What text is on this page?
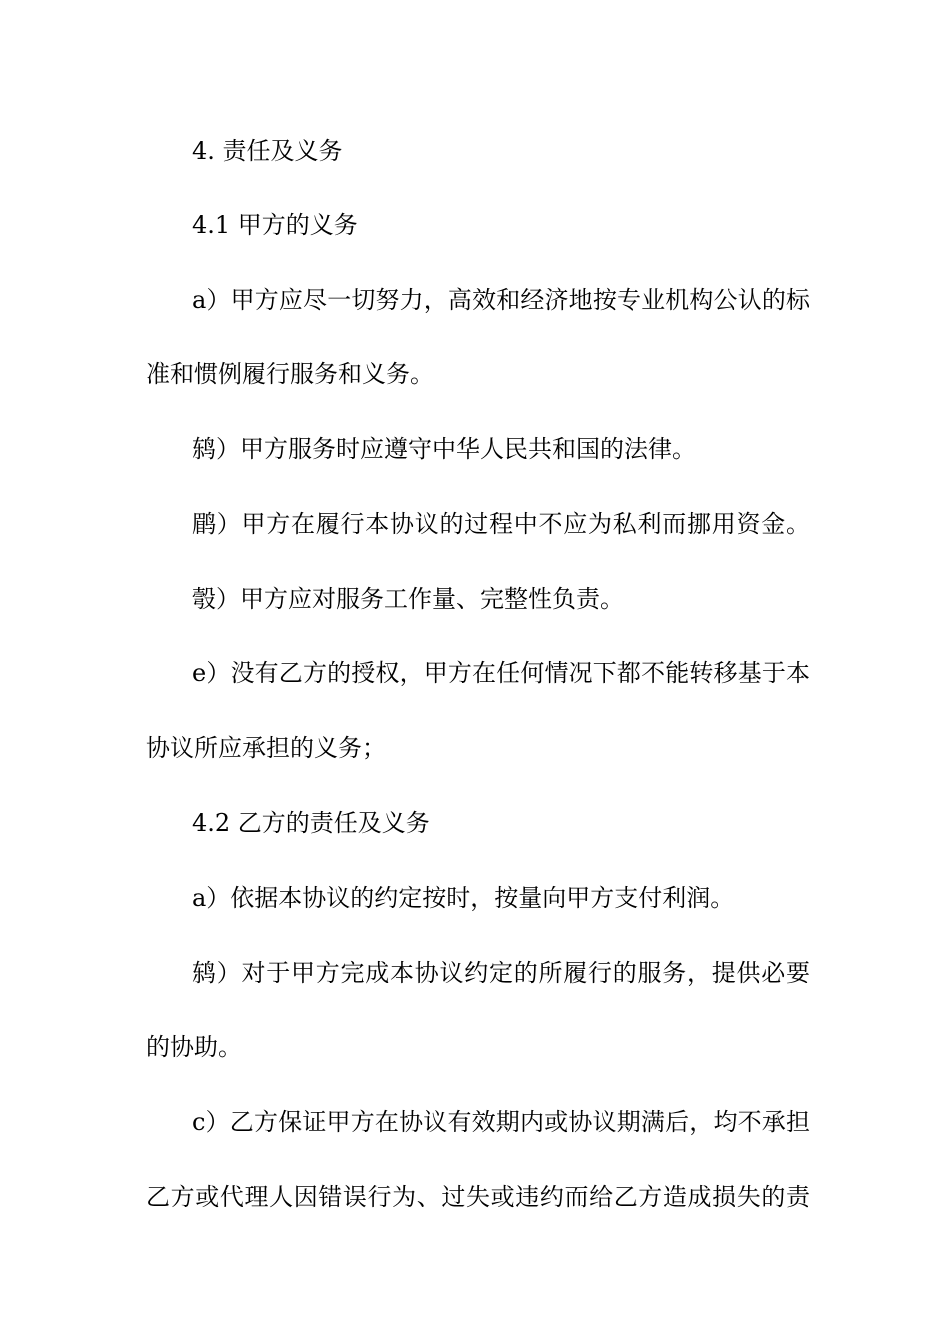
4. 责任及义务
4.1 甲方的义务
a）甲方应尽一切努力，高效和经济地按专业机构公认的标
准和惯例履行服务和义务。
鸫）甲方服务时应遵守中华人民共和国的法律。
鹛）甲方在履行本协议的过程中不应为私利而挪用资金。
彀）甲方应对服务工作量、完整性负责。
e）没有乙方的授权，甲方在任何情况下都不能转移基于本
协议所应承担的义务；
4.2 乙方的责任及义务
a）依据本协议的约定按时，按量向甲方支付利润。
鸫）对于甲方完成本协议约定的所履行的服务，提供必要
的协助。
c）乙方保证甲方在协议有效期内或协议期满后，均不承担
乙方或代理人因错误行为、过失或违约而给乙方造成损失的责
